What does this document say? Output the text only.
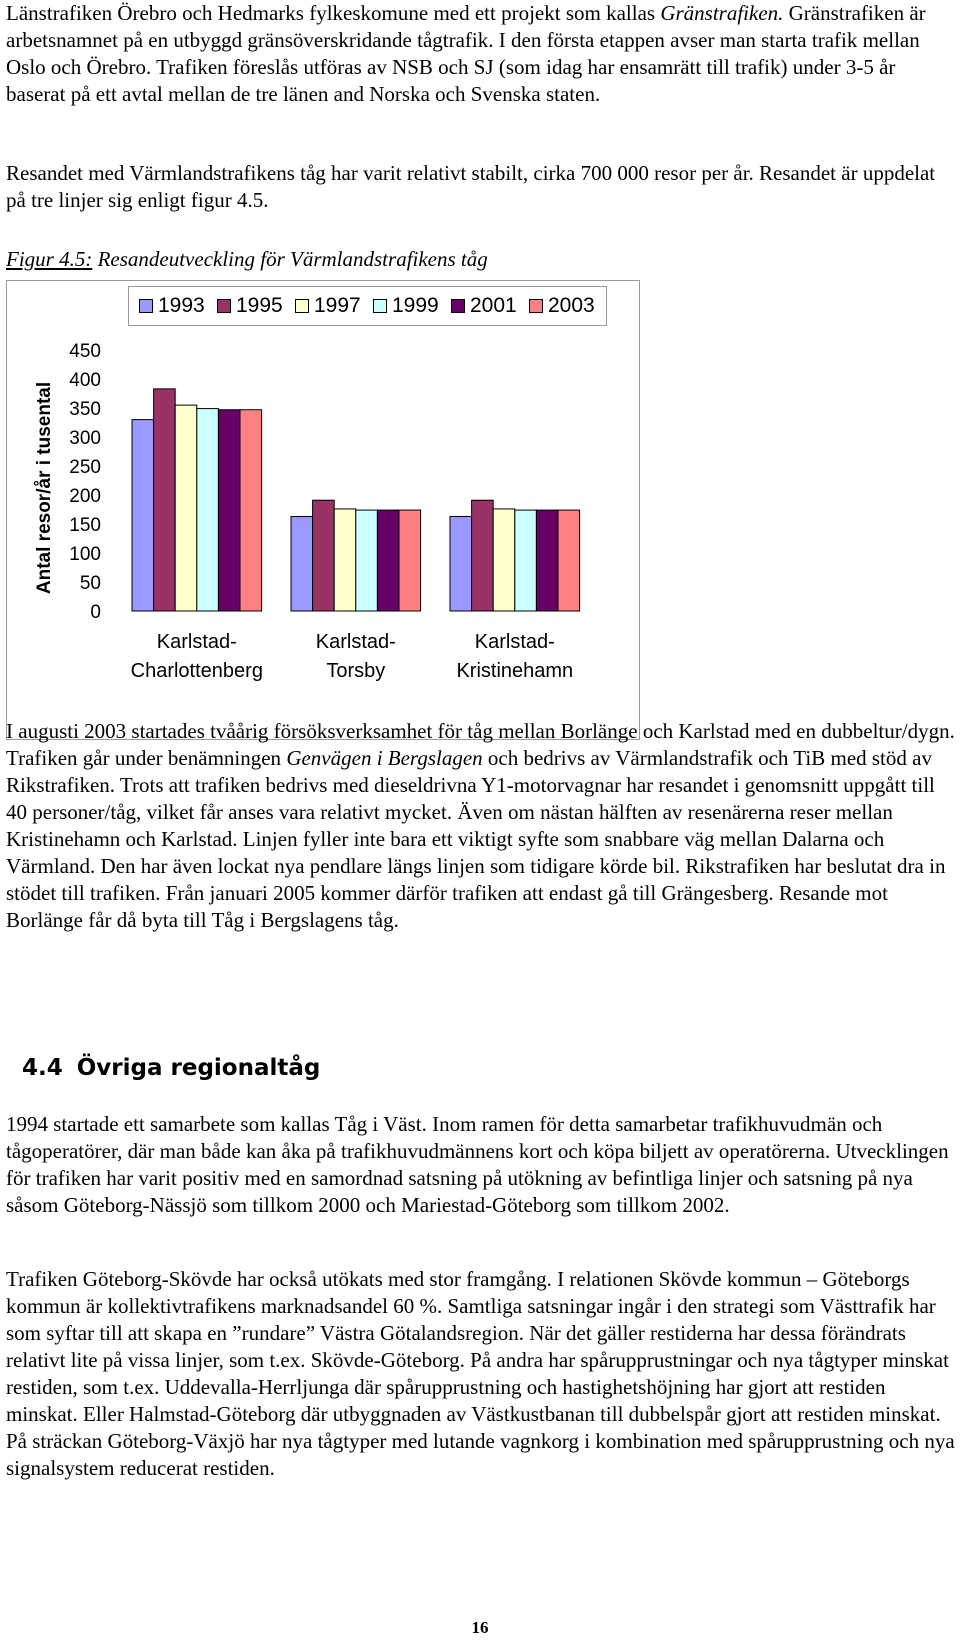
Länstrafiken Örebro och Hedmarks fylkeskomune med ett projekt som kallas Gränstrafiken. Gränstrafiken är arbetsnamnet på en utbyggd gränsöverskridande tågtrafik. I den första etappen avser man starta trafik mellan Oslo och Örebro. Trafiken föreslås utföras av NSB och SJ (som idag har ensamrätt till trafik) under 3-5 år baserat på ett avtal mellan de tre länen and Norska och Svenska staten.

Resandet med Värmlandstrafikens tåg har varit relativt stabilt, cirka 700 000 resor per år. Resandet är uppdelat på tre linjer sig enligt figur 4.5.

Figur 4.5: Resandeutveckling för Värmlandstrafikens tåg
1993 1995 1997 1999 2001 2003
Antal resor/år i tusental
450
400
350
300
250
200
150
100
50
0
Karlstad-
Charlottenberg
Karlstad-
Torsby
Karlstad-
Kristinehamn

I augusti 2003 startades tvåårig försöksverksamhet för tåg mellan Borlänge och Karlstad med en dubbeltur/dygn. Trafiken går under benämningen Genvägen i Bergslagen och bedrivs av Värmlandstrafik och TiB med stöd av Rikstrafiken. Trots att trafiken bedrivs med dieseldrivna Y1-motorvagnar har resandet i genomsnitt uppgått till 40 personer/tåg, vilket får anses vara relativt mycket. Även om nästan hälften av resenärerna reser mellan Kristinehamn och Karlstad. Linjen fyller inte bara ett viktigt syfte som snabbare väg mellan Dalarna och Värmland. Den har även lockat nya pendlare längs linjen som tidigare körde bil. Rikstrafiken har beslutat dra in stödet till trafiken. Från januari 2005 kommer därför trafiken att endast gå till Grängesberg. Resande mot Borlänge får då byta till Tåg i Bergslagens tåg.

4.4 Övriga regionaltåg

1994 startade ett samarbete som kallas Tåg i Väst. Inom ramen för detta samarbetar trafikhuvudmän och tågoperatörer, där man både kan åka på trafikhuvudmännens kort och köpa biljett av operatörerna. Utvecklingen för trafiken har varit positiv med en samordnad satsning på utökning av befintliga linjer och satsning på nya såsom Göteborg-Nässjö som tillkom 2000 och Mariestad-Göteborg som tillkom 2002.

Trafiken Göteborg-Skövde har också utökats med stor framgång. I relationen Skövde kommun – Göteborgs kommun är kollektivtrafikens marknadsandel 60 %. Samtliga satsningar ingår i den strategi som Västtrafik har som syftar till att skapa en ”rundare” Västra Götalandsregion. När det gäller restiderna har dessa förändrats relativt lite på vissa linjer, som t.ex. Skövde-Göteborg. På andra har spårupprustningar och nya tågtyper minskat restiden, som t.ex. Uddevalla-Herrljunga där spårupprustning och hastighetshöjning har gjort att restiden minskat. Eller Halmstad-Göteborg där utbyggnaden av Västkustbanan till dubbelspår gjort att restiden minskat. På sträckan Göteborg-Växjö har nya tågtyper med lutande vagnkorg i kombination med spårupprustning och nya signalsystem reducerat restiden.

16
